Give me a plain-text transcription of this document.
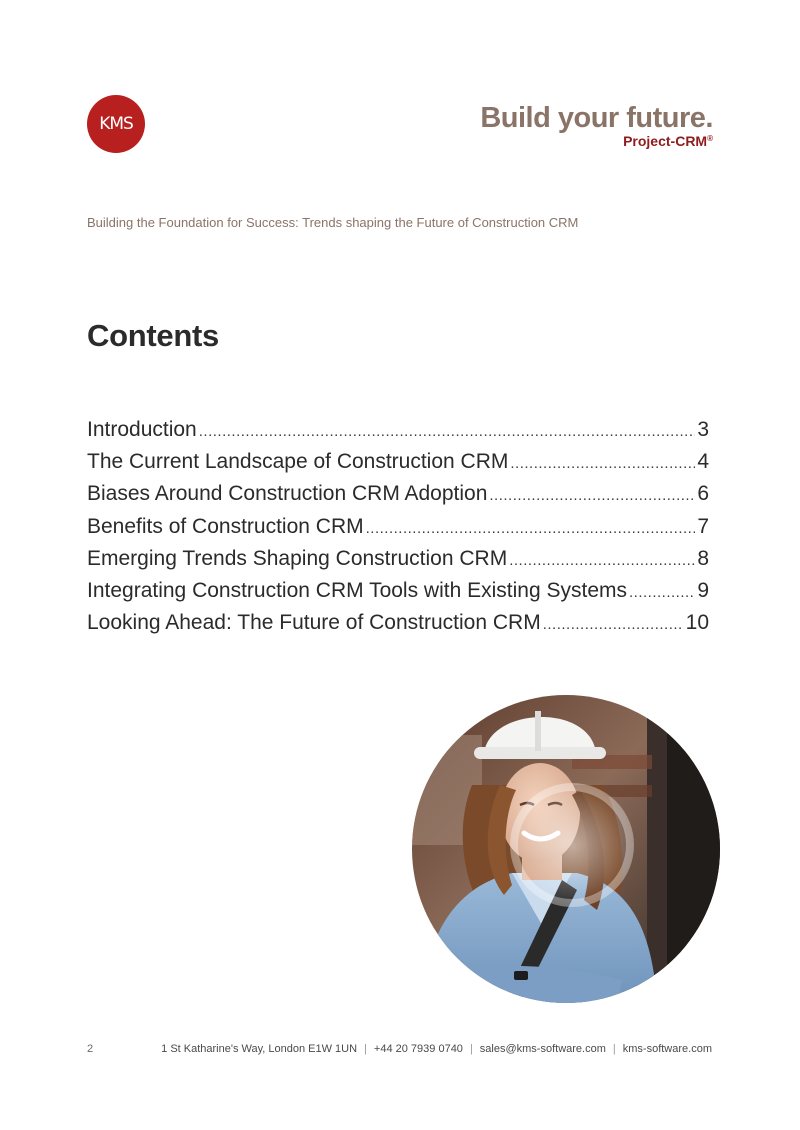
KMS	Build your future.
Project-CRM®
Building the Foundation for Success: Trends shaping the Future of Construction CRM
Contents
Introduction .....	3
The Current Landscape of Construction CRM .....	4
Biases Around Construction CRM Adoption .....	6
Benefits of Construction CRM .....	7
Emerging Trends Shaping Construction CRM .....	8
Integrating Construction CRM Tools with Existing Systems .....	9
Looking Ahead: The Future of Construction CRM .....	10
2	1 St Katharine's Way, London E1W 1UN | +44 20 7939 0740 | sales@kms-software.com | kms-software.com
